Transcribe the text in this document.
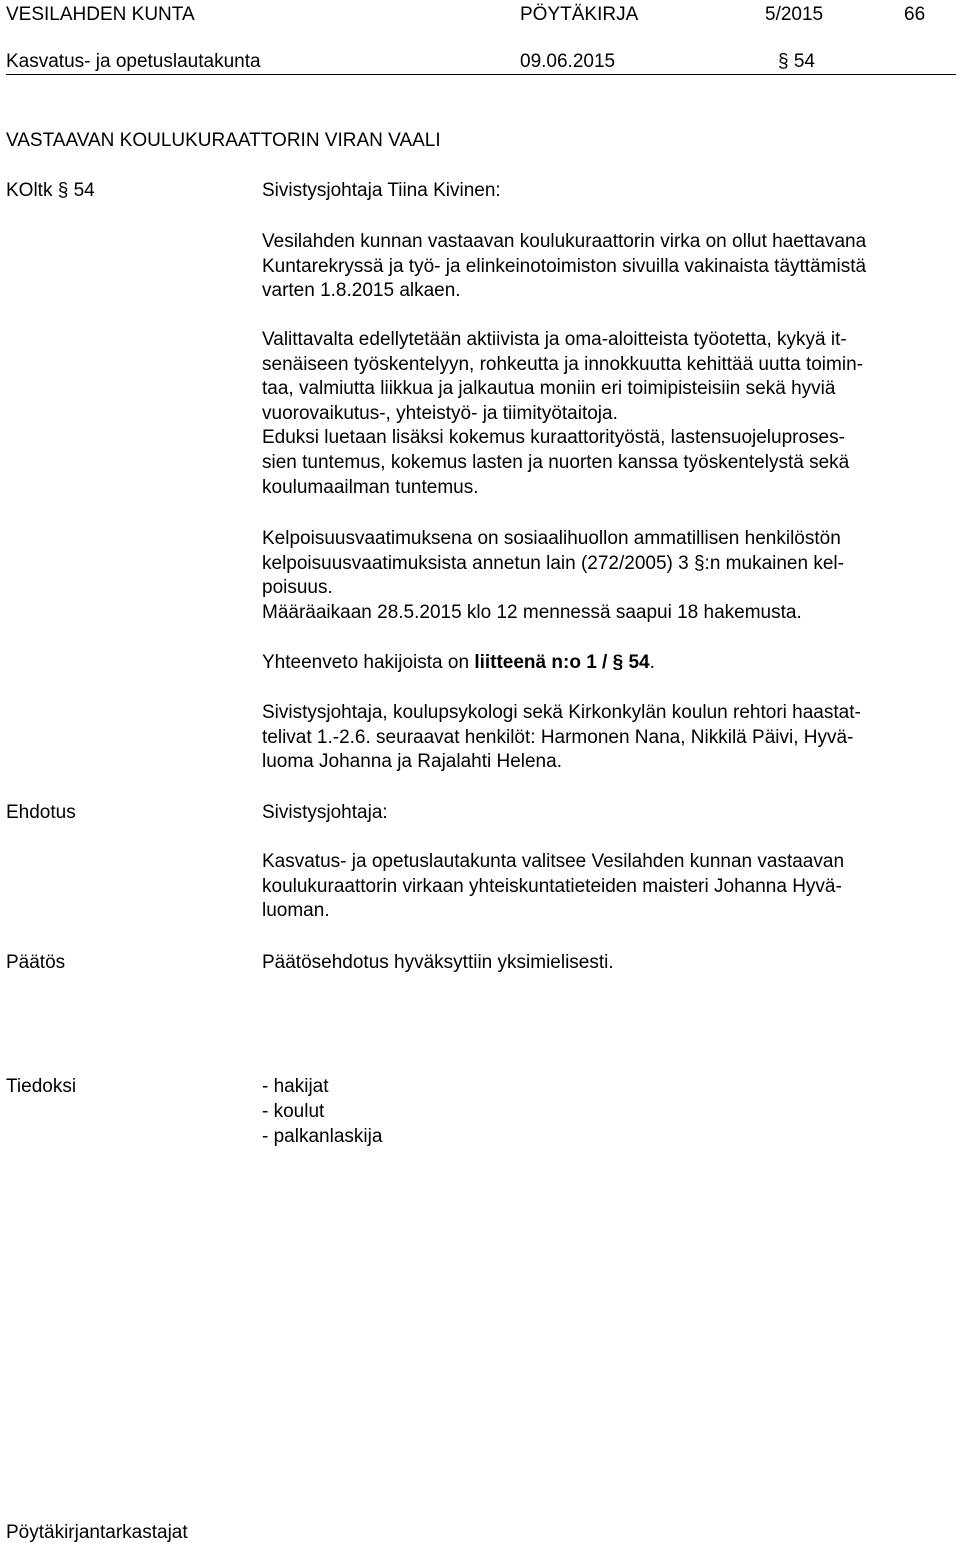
VESILAHDEN KUNTA	PÖYTÄKIRJA	5/2015	66
Kasvatus- ja opetuslautakunta	09.06.2015	§ 54
VASTAAVAN KOULUKURAATTORIN VIRAN VAALI
KOltk § 54	Sivistysjohtaja Tiina Kivinen:
Vesilahden kunnan vastaavan koulukuraattorin virka on ollut haettavana
Kuntarekryssä ja työ- ja elinkeinotoimiston sivuilla vakinaista täyttämistä
varten 1.8.2015 alkaen.
Valittavalta edellytetään aktiivista ja oma-aloitteista työotetta, kykyä it-
senäiseen työskentelyyn, rohkeutta ja innokkuutta kehittää uutta toimin-
taa, valmiutta liikkua ja jalkautua moniin eri toimipisteisiin sekä hyviä
vuorovaikutus-, yhteistyö- ja tiimityötaitoja.
Eduksi luetaan lisäksi kokemus kuraattorityöstä, lastensuojeluproses-
sien tuntemus, kokemus lasten ja nuorten kanssa työskentelystä sekä
koulumaailman tuntemus.
Kelpoisuusvaatimuksena on sosiaalihuollon ammatillisen henkilöstön
kelpoisuusvaatimuksista annetun lain (272/2005) 3 §:n mukainen kel-
poisuus.
Määräaikaan 28.5.2015 klo 12 mennessä saapui 18 hakemusta.
Yhteenveto hakijoista on liitteenä n:o 1 / § 54.
Sivistysjohtaja, koulupsykologi sekä Kirkonkylän koulun rehtori haastat-
telivat 1.-2.6. seuraavat henkilöt: Harmonen Nana, Nikkilä Päivi, Hyvä-
luoma Johanna ja Rajalahti Helena.
Ehdotus	Sivistysjohtaja:
Kasvatus- ja opetuslautakunta valitsee Vesilahden kunnan vastaavan
koulukuraattorin virkaan yhteiskuntatieteiden maisteri Johanna Hyvä-
luoman.
Päätös	Päätösehdotus hyväksyttiin yksimielisesti.
Tiedoksi	- hakijat
- koulut
- palkanlaskija
Pöytäkirjantarkastajat
